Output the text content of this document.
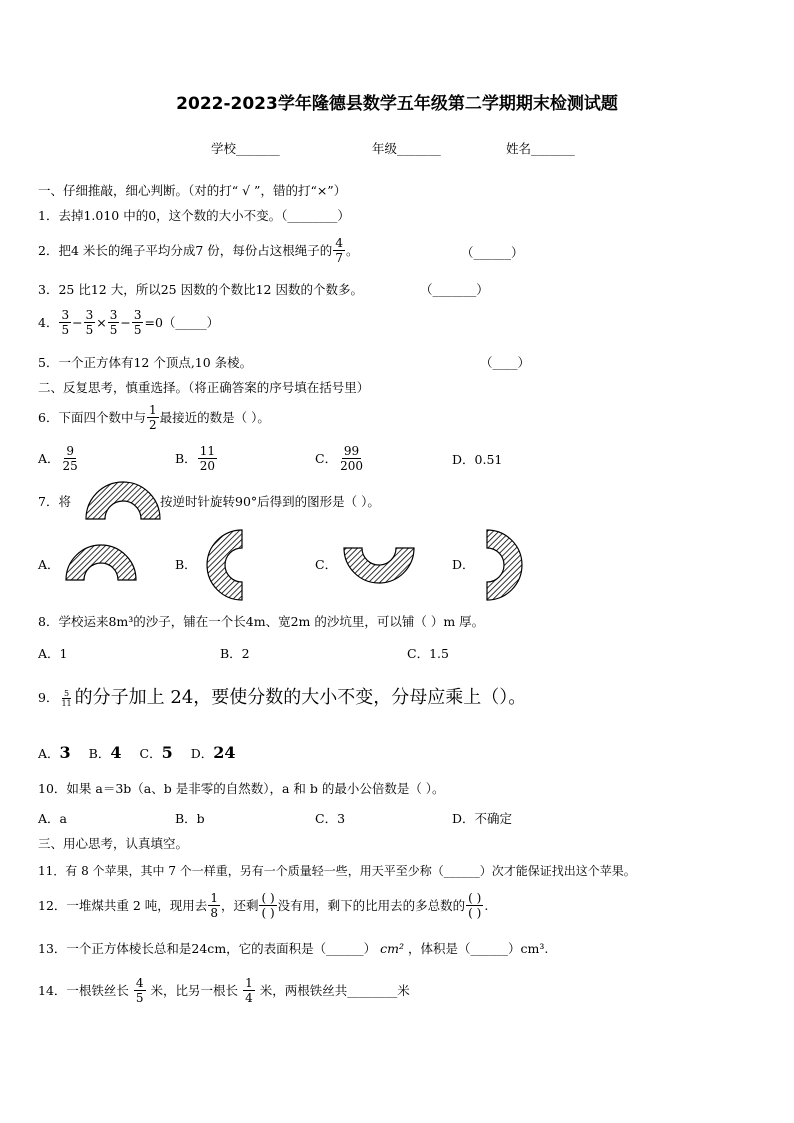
2022-2023学年隆德县数学五年级第二学期期末检测试题
学校_______	年级_______	姓名_______
一、仔细推敲，细心判断。（对的打“ √ ”，错的打“×”）
1．去掉1.010 中的0，这个数的大小不变。（________）
2．把4 米长的绳子平均分成7 份，每份占这根绳子的 $\frac{4}{7}$ 。	（______）
3．25 比12 大，所以25 因数的个数比12 因数的个数多。	（_______）
4． $\frac{3}{5} - \frac{3}{5} \times \frac{3}{5} - \frac{3}{5}$ =0（_____）
5．一个正方体有12 个顶点,10 条棱。	（____）
二、反复思考，慎重选择。（将正确答案的序号填在括号里）
6．下面四个数中与 $\frac{1}{2}$ 最接近的数是（ ）。
A． $\frac{9}{25}$	B． $\frac{11}{20}$	C． $\frac{99}{200}$	D．0.51
7．将	按逆时针旋转90°后得到的图形是（ ）。
A．	B．	C．	D．
8．学校运来8m³的沙子，铺在一个长4m、宽2m 的沙坑里，可以铺（ ）m 厚。
A．1	B．2	C．1.5
9． $\frac{5}{11}$ 的分子加上 24，要使分数的大小不变，分母应乘上（）。
A． 3 B． 4 C． 5 D． 24
10．如果 a＝3b（a、b 是非零的自然数），a 和 b 的最小公倍数是（ ）。
A．a	B．b	C．3	D．不确定
三、用心思考，认真填空。
11．有 8 个苹果，其中 7 个一样重，另有一个质量轻一些，用天平至少称（______）次才能保证找出这个苹果。
12．一堆煤共重 2 吨，现用去 $\frac{1}{8}$ ，还剩 $\frac{( )}{( )}$ 没有用，剩下的比用去的多总数的 $\frac{( )}{( )}$ .
13．一个正方体棱长总和是24cm，它的表面积是（______） cm² ，体积是（______）cm³.
14．一根铁丝长 $\frac{4}{5}$ 米，比另一根长 $\frac{1}{4}$ 米，两根铁丝共________米
